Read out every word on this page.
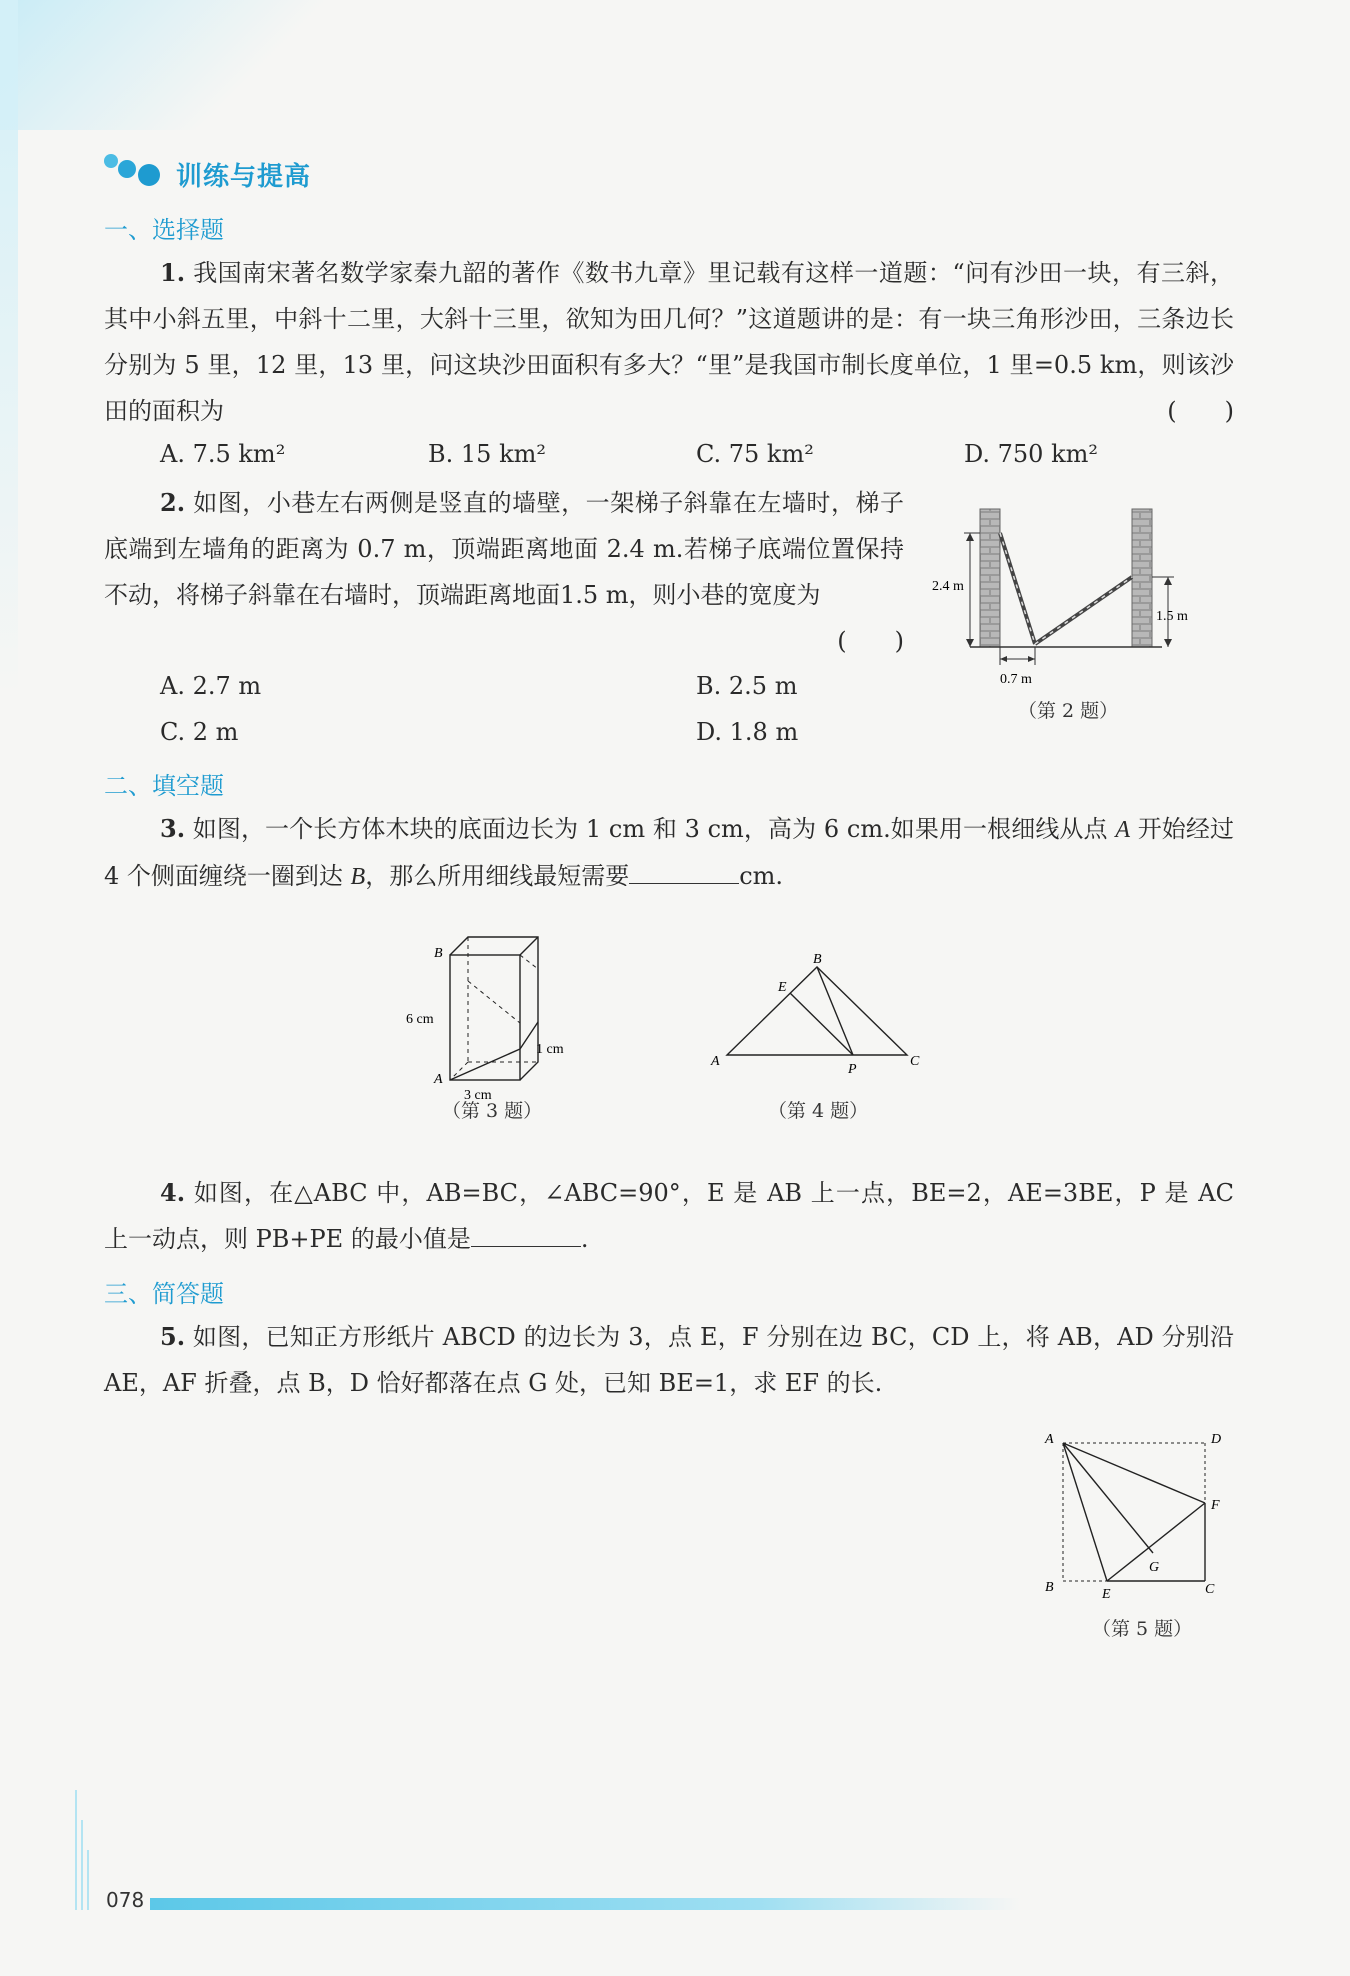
训练与提高
一、选择题
1. 我国南宋著名数学家秦九韶的著作《数书九章》里记载有这样一道题：“问有沙田一块，有三斜，其中小斜五里，中斜十二里，大斜十三里，欲知为田几何？”这道题讲的是：有一块三角形沙田，三条边长分别为 5 里，12 里，13 里，问这块沙田面积有多大？“里”是我国市制长度单位，1 里=0.5 km，则该沙田的面积为	(　　)
A. 7.5 km²	B. 15 km²	C. 75 km²	D. 750 km²
2. 如图，小巷左右两侧是竖直的墙壁，一架梯子斜靠在左墙时，梯子底端到左墙角的距离为 0.7 m，顶端距离地面 2.4 m.若梯子底端位置保持不动，将梯子斜靠在右墙时，顶端距离地面1.5 m，则小巷的宽度为
(　　)
A. 2.7 m	B. 2.5 m
C. 2 m	D. 1.8 m
2.4 m
1.5 m
0.7 m
（第 2 题）
二、填空题
3. 如图，一个长方体木块的底面边长为 1 cm 和 3 cm，高为 6 cm.如果用一根细线从点 A 开始经过 4 个侧面缠绕一圈到达 B，那么所用细线最短需要	cm.
B
A
6 cm
3 cm
1 cm
（第 3 题）
A
B
C
E
P
（第 4 题）
4. 如图，在△ABC 中，AB=BC，∠ABC=90°，E 是 AB 上一点，BE=2，AE=3BE，P 是 AC 上一动点，则 PB+PE 的最小值是	.
三、简答题
5. 如图，已知正方形纸片 ABCD 的边长为 3，点 E，F 分别在边 BC，CD 上，将 AB，AD 分别沿 AE，AF 折叠，点 B，D 恰好都落在点 G 处，已知 BE=1，求 EF 的长.
A	D
F
G
B	E	C
（第 5 题）
078
